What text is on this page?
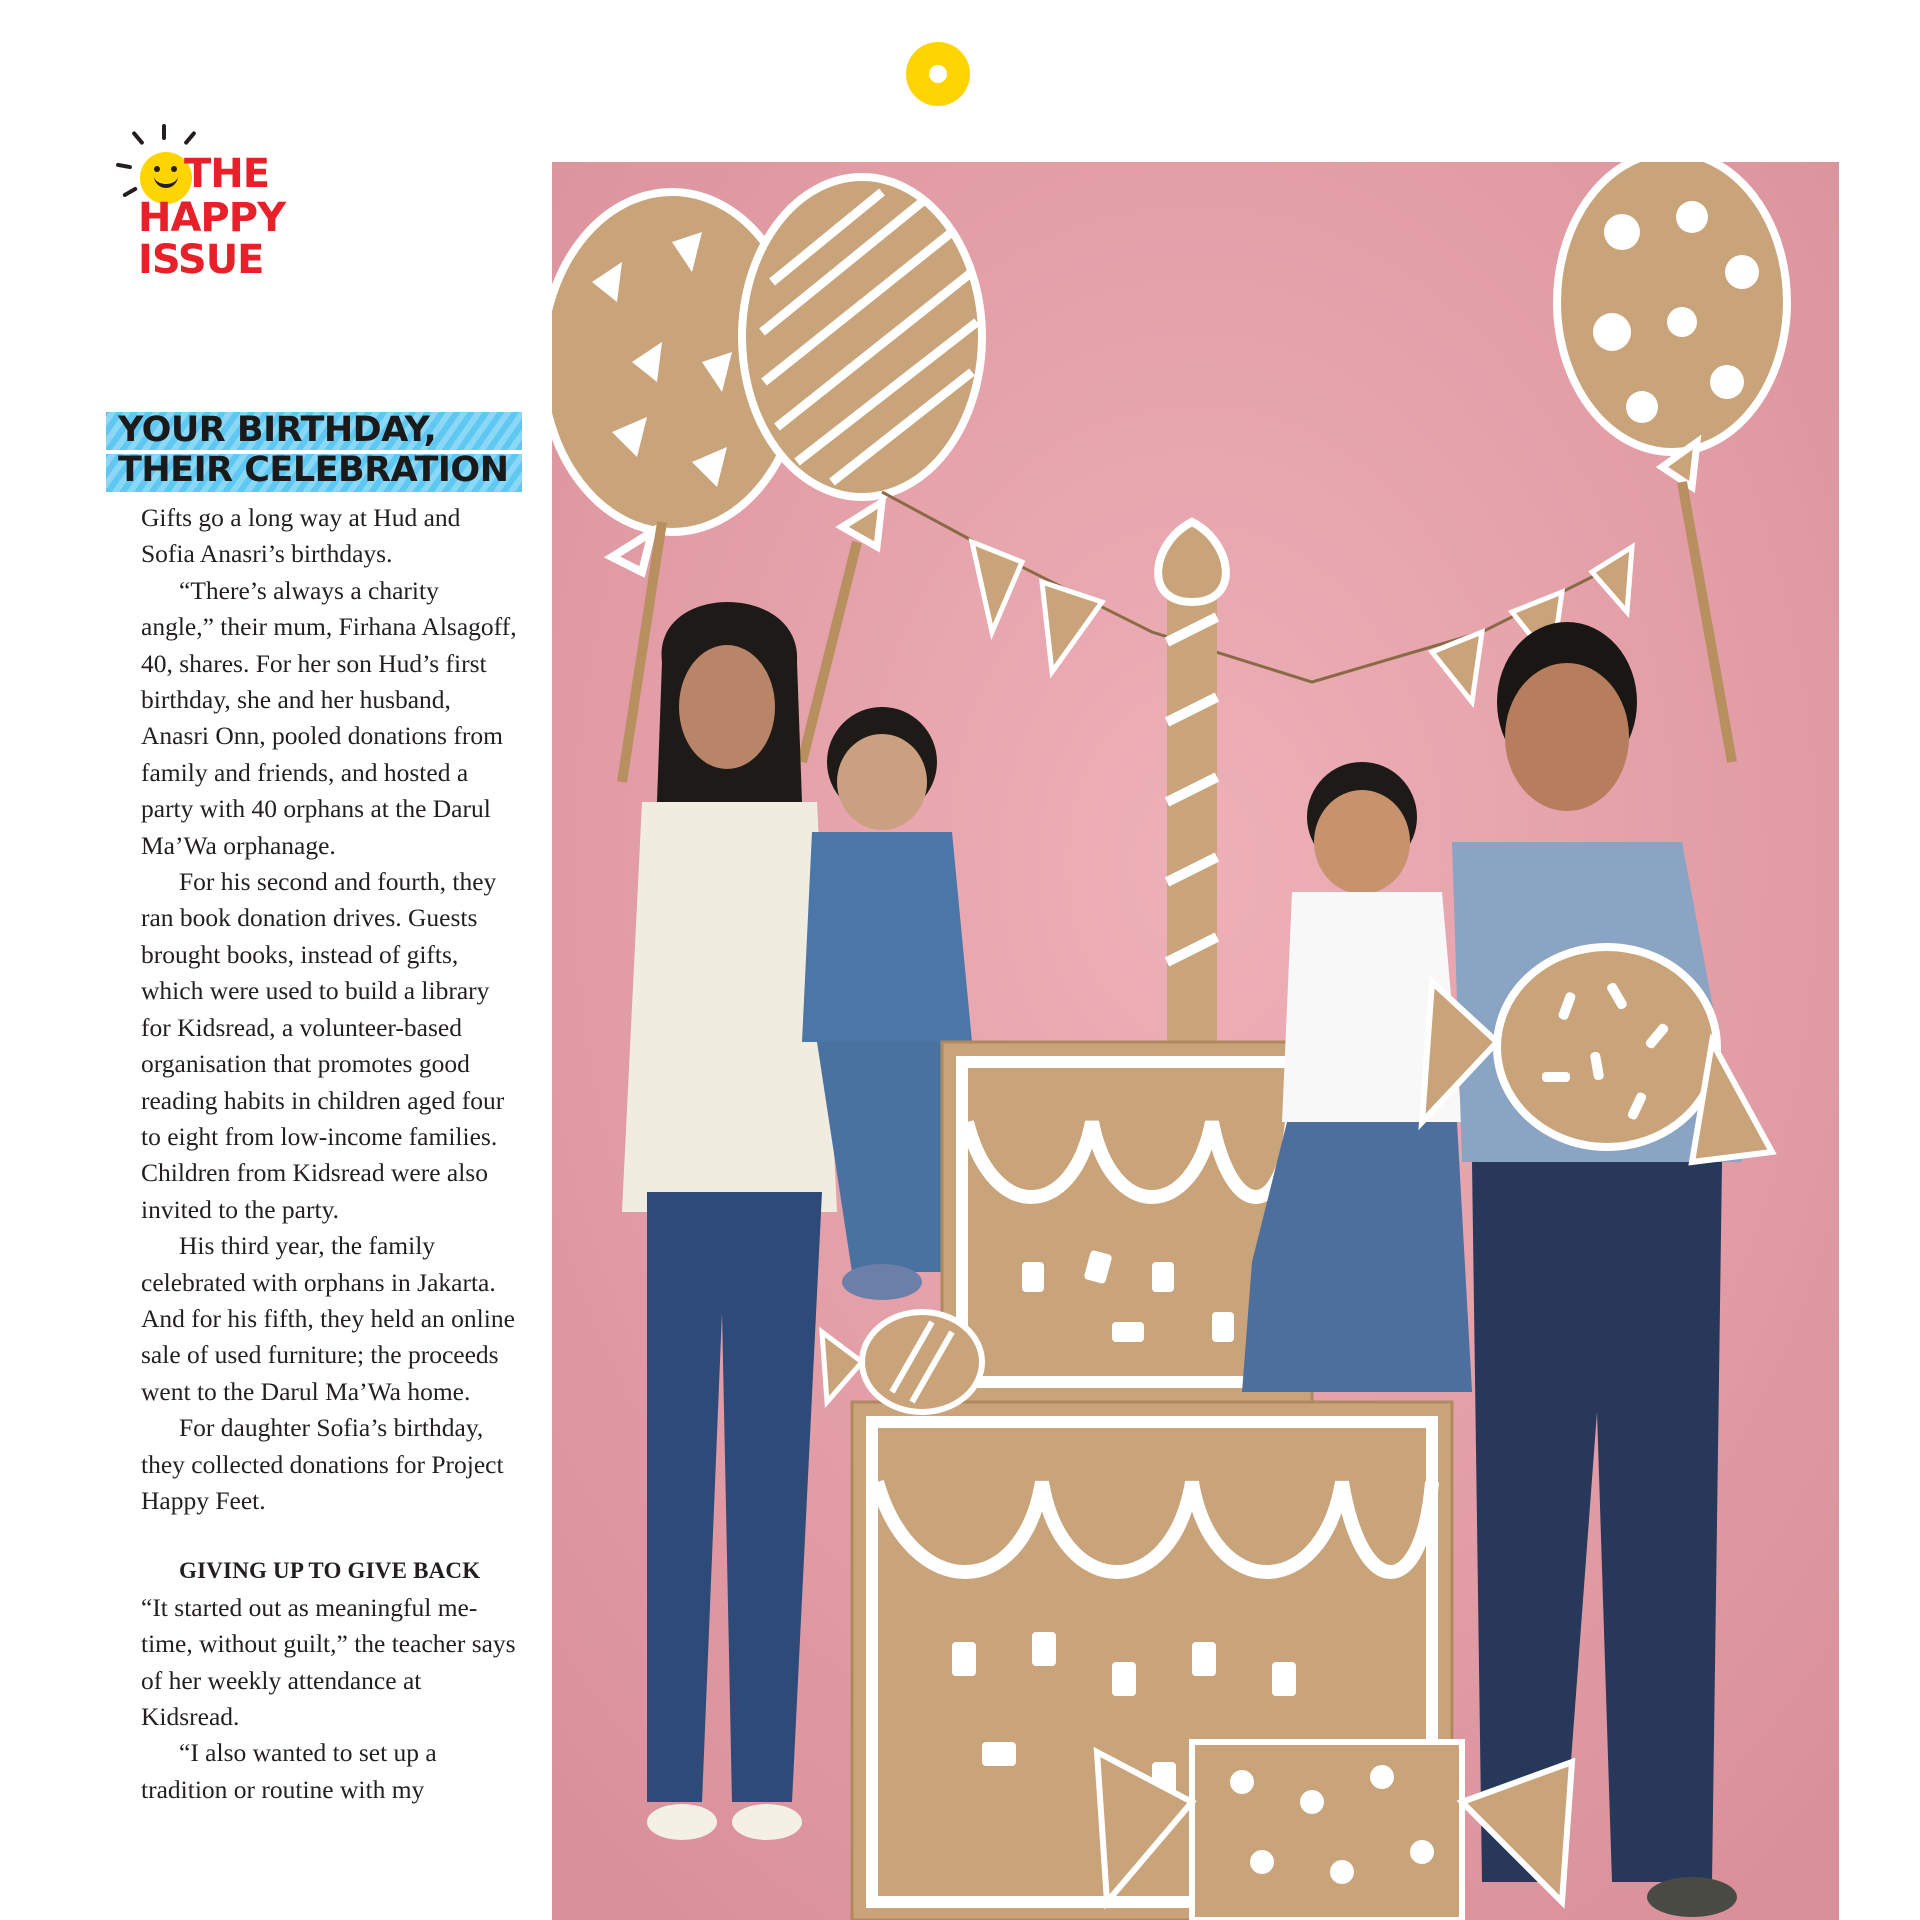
THE
HAPPY
ISSUE
YOUR BIRTHDAY,
THEIR CELEBRATION

Gifts go a long way at Hud and Sofia Anasri’s birthdays.

“There’s always a charity angle,” their mum, Firhana Alsagoff, 40, shares. For her son Hud’s first birthday, she and her husband, Anasri Onn, pooled donations from family and friends, and hosted a party with 40 orphans at the Darul Ma’Wa orphanage.

For his second and fourth, they ran book donation drives. Guests brought books, instead of gifts, which were used to build a library for Kidsread, a volunteer-based organisation that promotes good reading habits in children aged four to eight from low-income families. Children from Kidsread were also invited to the party.

His third year, the family celebrated with orphans in Jakarta. And for his fifth, they held an online sale of used furniture; the proceeds went to the Darul Ma’Wa home.

For daughter Sofia’s birthday, they collected donations for Project Happy Feet.

GIVING UP TO GIVE BACK

“It started out as meaningful me-time, without guilt,” the teacher says of her weekly attendance at Kidsread.

“I also wanted to set up a tradition or routine with my
